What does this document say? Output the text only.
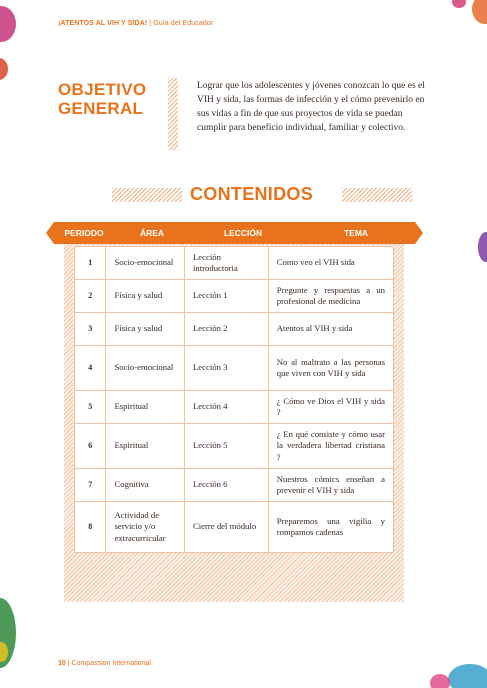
¡ATENTOS AL VIH Y SIDA! | Guía del Educador
OBJETIVO
GENERAL
Lograr que los adolescentes y jóvenes conozcan lo que es el VIH y sida, las formas de infección y el cómo prevenirlo en sus vidas a fin de que sus proyectos de vida se puedan cumplir para beneficio individual, familiar y colectivo.
CONTENIDOS
PERIODO	ÁREA	LECCIÓN	TEMA
1	Socio-emocional	Lección introductoria	Como veo el VIH sida
2	Física y salud	Lección 1	Pregunte y respuestas a un profesional de medicina
3	Física y salud	Lección 2	Atentos al VIH y sida
4	Socio-emocional	Lección 3	No al maltrato a las personas que viven con VIH y sida
5	Espiritual	Lección 4	¿ Cómo ve Dios el VIH y sida ?
6	Espiritual	Lección 5	¿ En qué consiste y cómo usar la verdadera libertad cristiana ?
7	Cognitiva	Lección 6	Nuestros cómics enseñan a prevenir el VIH y sida
8	Actividad de servicio y/o extracurricular	Cierre del módulo	Preparemos una vigilia y rompamos cadenas
10 | Compassion International
